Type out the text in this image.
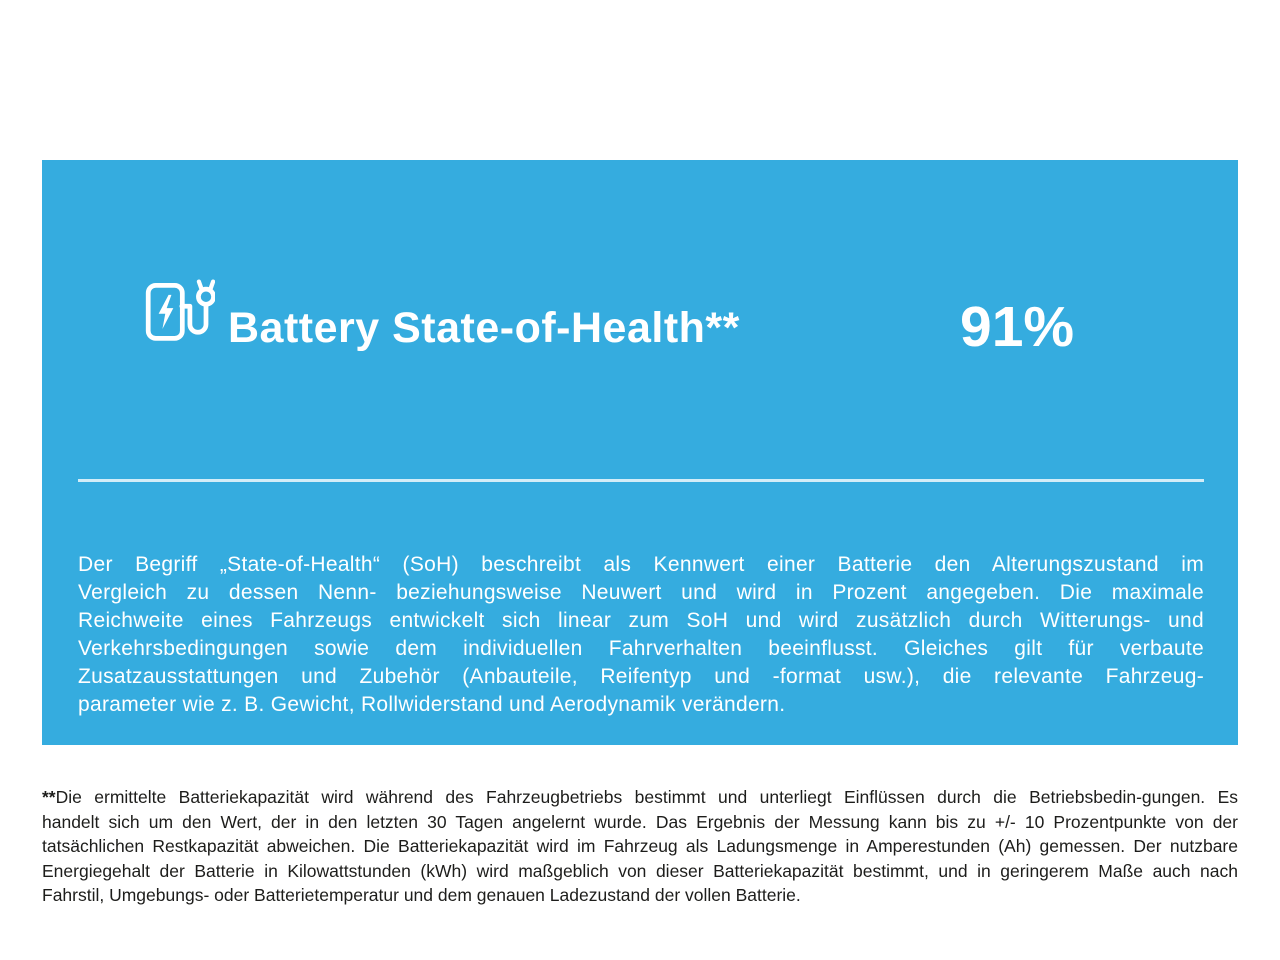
Battery State-of-Health**	91%
Der Begriff „State-of-Health“ (SoH) beschreibt als Kennwert einer Batterie den Alterungszustand im
Vergleich zu dessen Nenn- beziehungsweise Neuwert und wird in Prozent angegeben. Die maximale
Reichweite eines Fahrzeugs entwickelt sich linear zum SoH und wird zusätzlich durch Witterungs- und
Verkehrsbedingungen sowie dem individuellen Fahrverhalten beeinflusst. Gleiches gilt für verbaute
Zusatzausstattungen und Zubehör (Anbauteile, Reifentyp und -format usw.), die relevante Fahrzeug-
parameter wie z. B. Gewicht, Rollwiderstand und Aerodynamik verändern.
**Die ermittelte Batteriekapazität wird während des Fahrzeugbetriebs bestimmt und unterliegt Einflüssen durch die Betriebsbedin-gungen. Es
handelt sich um den Wert, der in den letzten 30 Tagen angelernt wurde. Das Ergebnis der Messung kann bis zu +/- 10 Prozentpunkte von der
tatsächlichen Restkapazität abweichen. Die Batteriekapazität wird im Fahrzeug als Ladungsmenge in Amperestunden (Ah) gemessen. Der nutzbare
Energiegehalt der Batterie in Kilowattstunden (kWh) wird maßgeblich von dieser Batteriekapazität bestimmt, und in geringerem Maße auch nach
Fahrstil, Umgebungs- oder Batterietemperatur und dem genauen Ladezustand der vollen Batterie.
